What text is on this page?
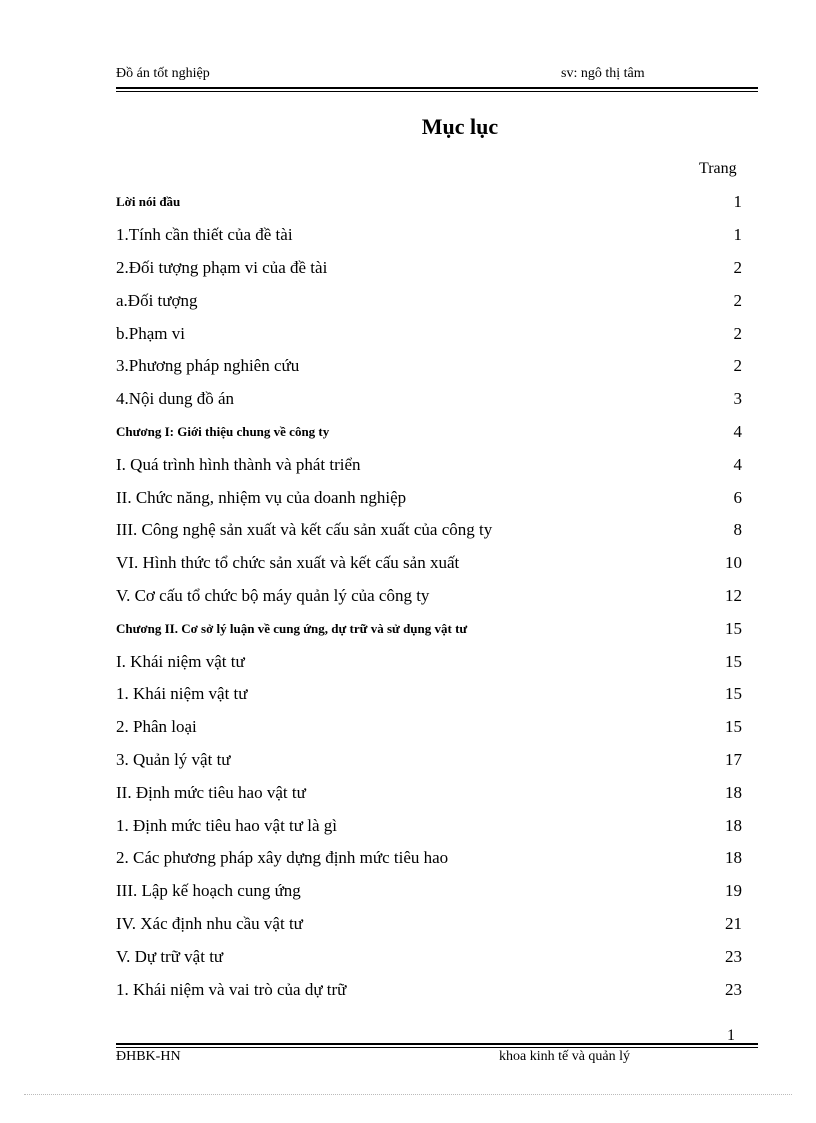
Đồ án tốt nghiệp	sv: ngô thị tâm
Mục lục
Trang
Lời nói đầu	1
1.Tính cần thiết của đề tài	1
2.Đối tượng phạm vi của đề tài	2
a.Đối tượng	2
b.Phạm vi	2
3.Phương pháp nghiên cứu	2
4.Nội dung đồ án	3
Chương I: Giới thiệu chung về công ty	4
I. Quá trình hình thành và phát triển	4
II. Chức năng, nhiệm vụ của doanh nghiệp	6
III. Công nghệ sản xuất và kết cấu sản xuất của công ty	8
VI. Hình thức tổ chức sản xuất và kết cấu sản xuất	10
V. Cơ cấu tổ chức bộ máy quản lý của công ty	12
Chương II. Cơ sở lý luận về cung ứng, dự trữ và sử dụng vật tư	15
I. Khái niệm vật tư	15
1. Khái niệm vật tư	15
2. Phân loại	15
3. Quản lý vật tư	17
II. Định mức tiêu hao vật tư	18
1. Định mức tiêu hao vật tư là gì	18
2. Các phương pháp xây dựng định mức tiêu hao	18
III. Lập kế hoạch cung ứng	19
IV. Xác định nhu cầu vật tư	21
V. Dự trữ vật tư	23
1. Khái niệm và vai trò của dự trữ	23
1
ĐHBK-HN	khoa kinh tế và quản lý
